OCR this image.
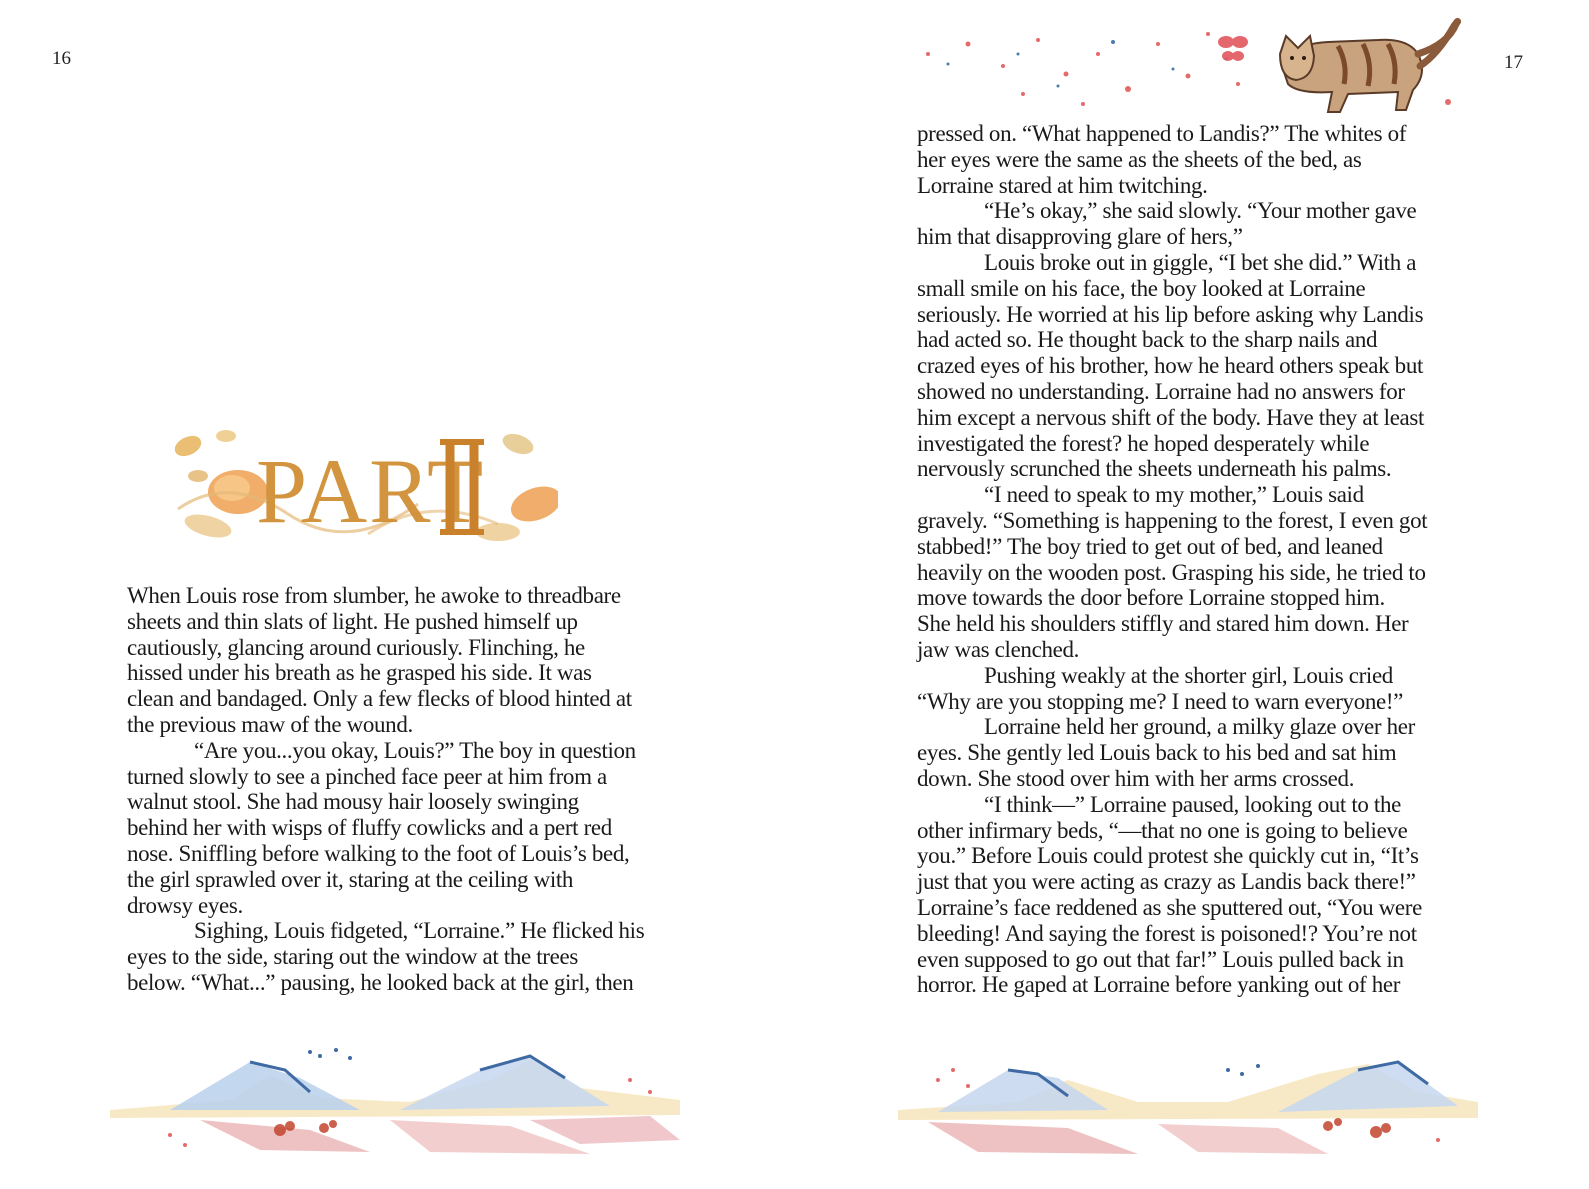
16
PART
When Louis rose from slumber, he awoke to threadbare
sheets and thin slats of light. He pushed himself up
cautiously, glancing around curiously. Flinching, he
hissed under his breath as he grasped his side. It was
clean and bandaged. Only a few flecks of blood hinted at
the previous maw of the wound.
“Are you...you okay, Louis?” The boy in question
turned slowly to see a pinched face peer at him from a
walnut stool. She had mousy hair loosely swinging
behind her with wisps of fluffy cowlicks and a pert red
nose. Sniffling before walking to the foot of Louis’s bed,
the girl sprawled over it, staring at the ceiling with
drowsy eyes.
Sighing, Louis fidgeted, “Lorraine.” He flicked his
eyes to the side, staring out the window at the trees
below. “What...” pausing, he looked back at the girl, then
17
pressed on. “What happened to Landis?” The whites of
her eyes were the same as the sheets of the bed, as
Lorraine stared at him twitching.
“He’s okay,” she said slowly. “Your mother gave
him that disapproving glare of hers,”
Louis broke out in giggle, “I bet she did.” With a
small smile on his face, the boy looked at Lorraine
seriously. He worried at his lip before asking why Landis
had acted so. He thought back to the sharp nails and
crazed eyes of his brother, how he heard others speak but
showed no understanding. Lorraine had no answers for
him except a nervous shift of the body. Have they at least
investigated the forest? he hoped desperately while
nervously scrunched the sheets underneath his palms.
“I need to speak to my mother,” Louis said
gravely. “Something is happening to the forest, I even got
stabbed!” The boy tried to get out of bed, and leaned
heavily on the wooden post. Grasping his side, he tried to
move towards the door before Lorraine stopped him.
She held his shoulders stiffly and stared him down. Her
jaw was clenched.
Pushing weakly at the shorter girl, Louis cried
“Why are you stopping me? I need to warn everyone!”
Lorraine held her ground, a milky glaze over her
eyes. She gently led Louis back to his bed and sat him
down. She stood over him with her arms crossed.
“I think—” Lorraine paused, looking out to the
other infirmary beds, “—that no one is going to believe
you.” Before Louis could protest she quickly cut in, “It’s
just that you were acting as crazy as Landis back there!”
Lorraine’s face reddened as she sputtered out, “You were
bleeding! And saying the forest is poisoned!? You’re not
even supposed to go out that far!” Louis pulled back in
horror. He gaped at Lorraine before yanking out of her
